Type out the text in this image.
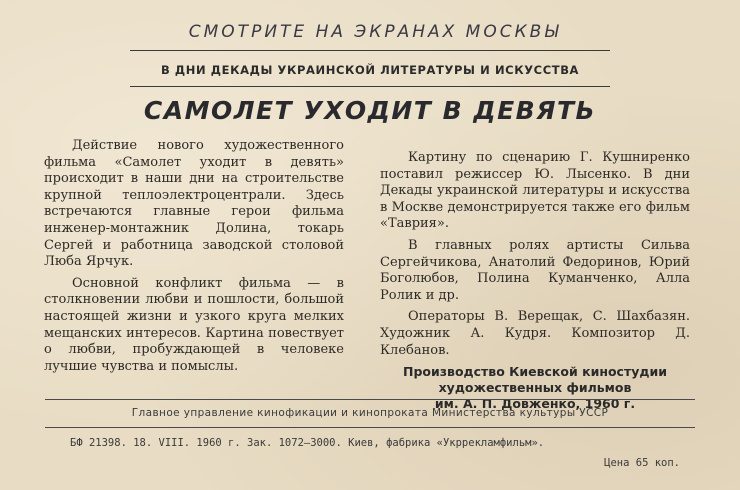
СМОТРИТЕ НА ЭКРАНАХ МОСКВЫ
В ДНИ ДЕКАДЫ УКРАИНСКОЙ ЛИТЕРАТУРЫ И ИСКУССТВА
САМОЛЕТ УХОДИТ В ДЕВЯТЬ

Действие нового художественного фильма «Самолет уходит в девять» происходит в наши дни на строительстве крупной теплоэлектроцентрали. Здесь встречаются главные герои фильма инженер-монтажник Долина, токарь Сергей и работница заводской столовой Люба Ярчук.

Основной конфликт фильма — в столкновении любви и пошлости, большой настоящей жизни и узкого круга мелких мещанских интересов. Картина повествует о любви, пробуждающей в человеке лучшие чувства и помыслы.

Картину по сценарию Г. Кушниренко поставил режиссер Ю. Лысенко. В дни Декады украинской литературы и искусства в Москве демонстрируется также его фильм «Таврия».

В главных ролях артисты Сильва Сергейчикова, Анатолий Федоринов, Юрий Боголюбов, Полина Куманченко, Алла Ролик и др.

Операторы В. Верещак, С. Шахбазян. Художник А. Кудря. Композитор Д. Клебанов.

Производство Киевской киностудии
художественных фильмов
им. А. П. Довженко, 1960 г.
Главное управление кинофикации и кинопроката Министерства культуры УССР
БФ 21398. 18. VIII. 1960 г. Зак. 1072—3000. Киев, фабрика «Укррекламфильм».
Цена 65 коп.
